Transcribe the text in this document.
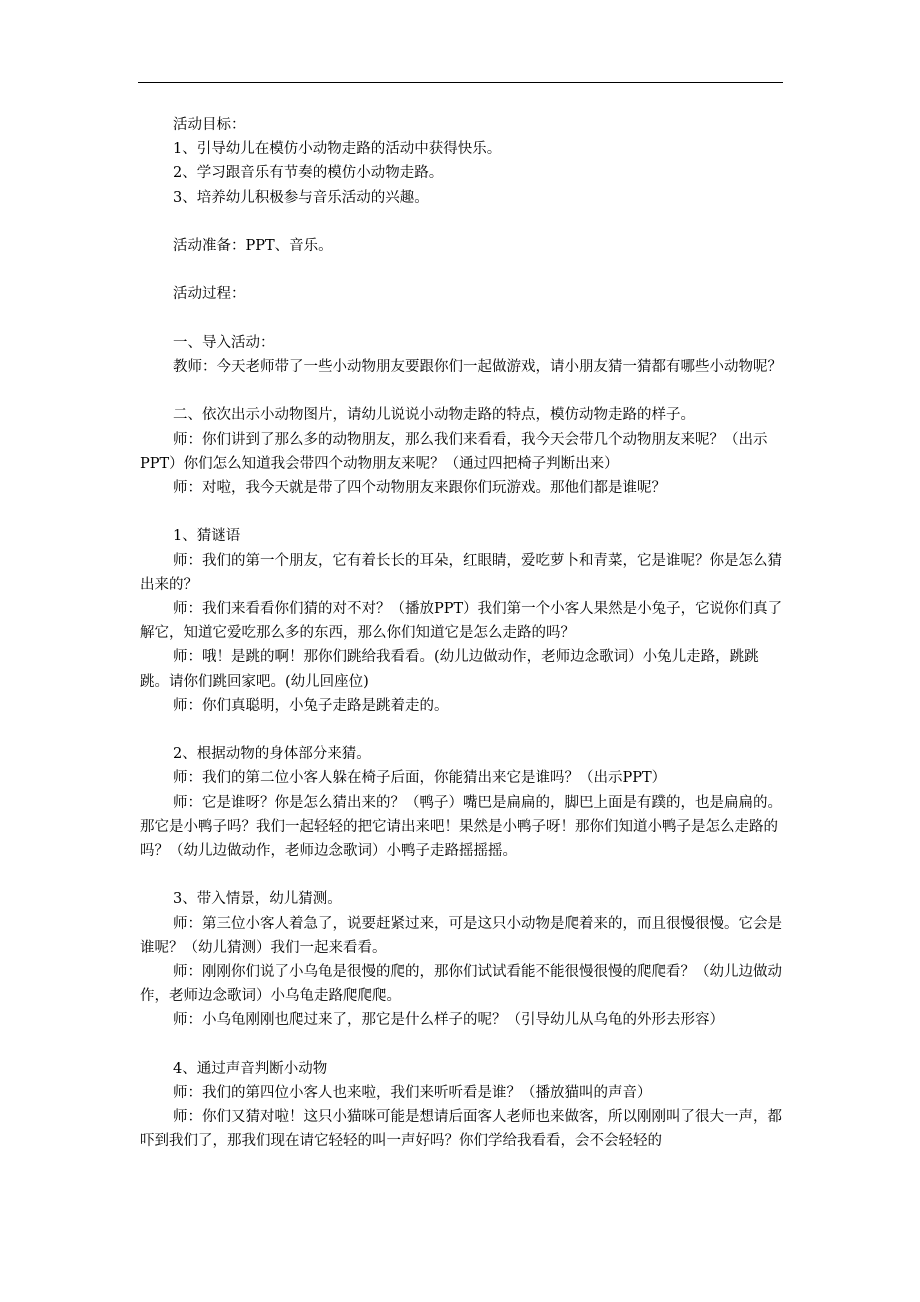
活动目标：

1、引导幼儿在模仿小动物走路的活动中获得快乐。

2、学习跟音乐有节奏的模仿小动物走路。

3、培养幼儿积极参与音乐活动的兴趣。

活动准备：PPT、音乐。

活动过程：

一、导入活动：

教师：今天老师带了一些小动物朋友要跟你们一起做游戏，请小朋友猜一猜都有哪些小动物呢？

二、依次出示小动物图片，请幼儿说说小动物走路的特点，模仿动物走路的样子。

师：你们讲到了那么多的动物朋友，那么我们来看看，我今天会带几个动物朋友来呢？（出示PPT）你们怎么知道我会带四个动物朋友来呢？（通过四把椅子判断出来）

师：对啦，我今天就是带了四个动物朋友来跟你们玩游戏。那他们都是谁呢？

1、猜谜语

师：我们的第一个朋友，它有着长长的耳朵，红眼睛，爱吃萝卜和青菜，它是谁呢？你是怎么猜出来的？

师：我们来看看你们猜的对不对？（播放PPT）我们第一个小客人果然是小兔子，它说你们真了解它，知道它爱吃那么多的东西，那么你们知道它是怎么走路的吗？

师：哦！是跳的啊！那你们跳给我看看。(幼儿边做动作，老师边念歌词）小兔儿走路，跳跳跳。请你们跳回家吧。(幼儿回座位)

师：你们真聪明，小兔子走路是跳着走的。

2、根据动物的身体部分来猜。

师：我们的第二位小客人躲在椅子后面，你能猜出来它是谁吗？（出示PPT）

师：它是谁呀？你是怎么猜出来的？（鸭子）嘴巴是扁扁的，脚巴上面是有蹼的，也是扁扁的。那它是小鸭子吗？我们一起轻轻的把它请出来吧！果然是小鸭子呀！那你们知道小鸭子是怎么走路的吗？（幼儿边做动作，老师边念歌词）小鸭子走路摇摇摇。

3、带入情景，幼儿猜测。

师：第三位小客人着急了，说要赶紧过来，可是这只小动物是爬着来的，而且很慢很慢。它会是谁呢？（幼儿猜测）我们一起来看看。

师：刚刚你们说了小乌龟是很慢的爬的，那你们试试看能不能很慢很慢的爬爬看？（幼儿边做动作，老师边念歌词）小乌龟走路爬爬爬。

师：小乌龟刚刚也爬过来了，那它是什么样子的呢？（引导幼儿从乌龟的外形去形容）

4、通过声音判断小动物

师：我们的第四位小客人也来啦，我们来听听看是谁？（播放猫叫的声音）

师：你们又猜对啦！这只小猫咪可能是想请后面客人老师也来做客，所以刚刚叫了很大一声，都吓到我们了，那我们现在请它轻轻的叫一声好吗？你们学给我看看，会不会轻轻的
